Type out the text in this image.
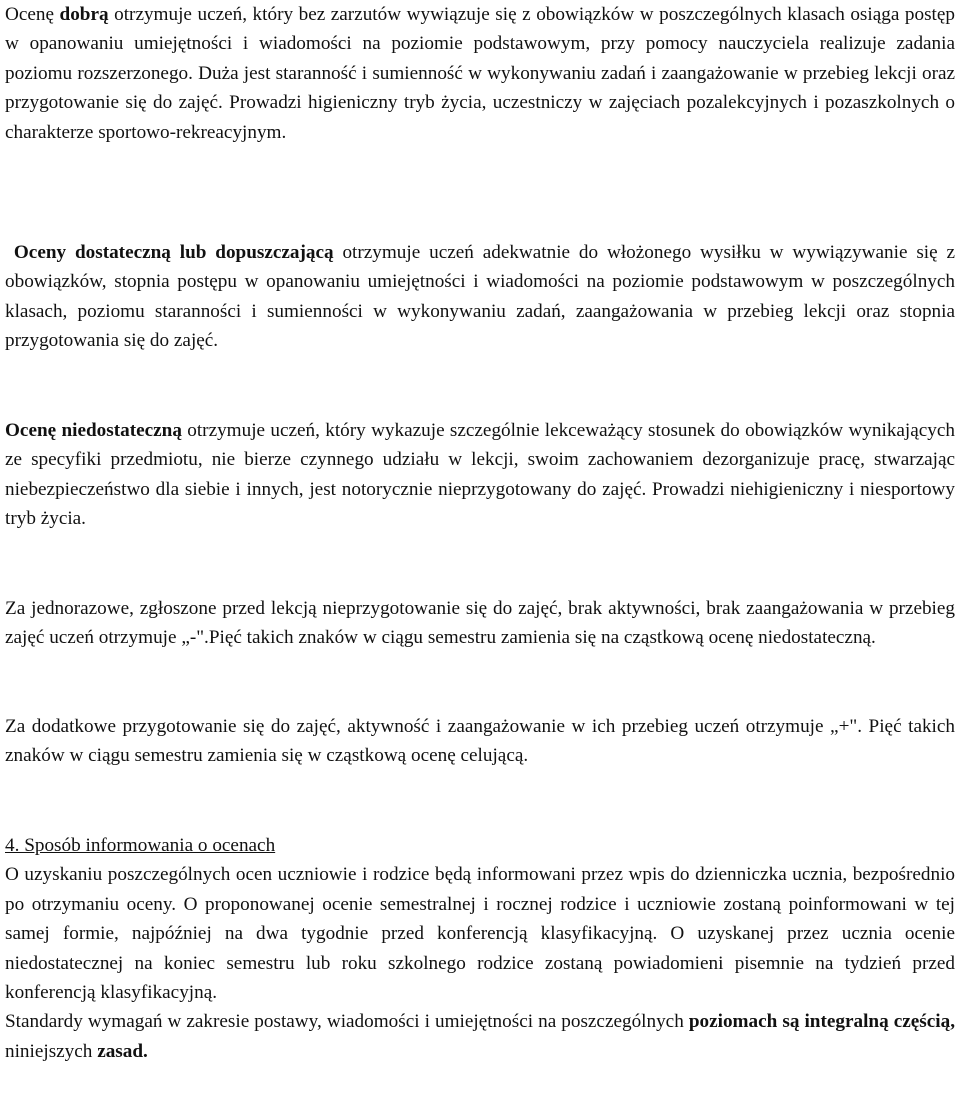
Ocenę dobrą otrzymuje uczeń, który bez zarzutów wywiązuje się z obowiązków w poszczególnych klasach osiąga postęp w opanowaniu umiejętności i wiadomości na poziomie podstawowym, przy pomocy nauczyciela realizuje zadania poziomu rozszerzonego. Duża jest staranność i sumienność w wykonywaniu zadań i zaangażowanie w przebieg lekcji oraz przygotowanie się do zajęć. Prowadzi higieniczny tryb życia, uczestniczy w zajęciach pozalekcyjnych i pozaszkolnych o charakterze sportowo-rekreacyjnym.

Oceny dostateczną lub dopuszczającą otrzymuje uczeń adekwatnie do włożonego wysiłku w wywiązywanie się z obowiązków, stopnia postępu w opanowaniu umiejętności i wiadomości na poziomie podstawowym w poszczególnych klasach, poziomu staranności i sumienności w wykonywaniu zadań, zaangażowania w przebieg lekcji oraz stopnia przygotowania się do zajęć.

Ocenę niedostateczną otrzymuje uczeń, który wykazuje szczególnie lekceważący stosunek do obowiązków wynikających ze specyfiki przedmiotu, nie bierze czynnego udziału w lekcji, swoim zachowaniem dezorganizuje pracę, stwarzając niebezpieczeństwo dla siebie i innych, jest notorycznie nieprzygotowany do zajęć. Prowadzi niehigieniczny i niesportowy tryb życia.

Za jednorazowe, zgłoszone przed lekcją nieprzygotowanie się do zajęć, brak aktywności, brak zaangażowania w przebieg zajęć uczeń otrzymuje „-".Pięć takich znaków w ciągu semestru zamienia się na cząstkową ocenę niedostateczną.

Za dodatkowe przygotowanie się do zajęć, aktywność i zaangażowanie w ich przebieg uczeń otrzymuje „+". Pięć takich znaków w ciągu semestru zamienia się w cząstkową ocenę celującą.

4. Sposób informowania o ocenach

O uzyskaniu poszczególnych ocen uczniowie i rodzice będą informowani przez wpis do dzienniczka ucznia, bezpośrednio po otrzymaniu oceny. O proponowanej ocenie semestralnej i rocznej rodzice i uczniowie zostaną poinformowani w tej samej formie, najpóźniej na dwa tygodnie przed konferencją klasyfikacyjną. O uzyskanej przez ucznia ocenie niedostatecznej na koniec semestru lub roku szkolnego rodzice zostaną powiadomieni pisemnie na tydzień przed konferencją klasyfikacyjną.

Standardy wymagań w zakresie postawy, wiadomości i umiejętności na poszczególnych poziomach są integralną częścią, niniejszych zasad.
